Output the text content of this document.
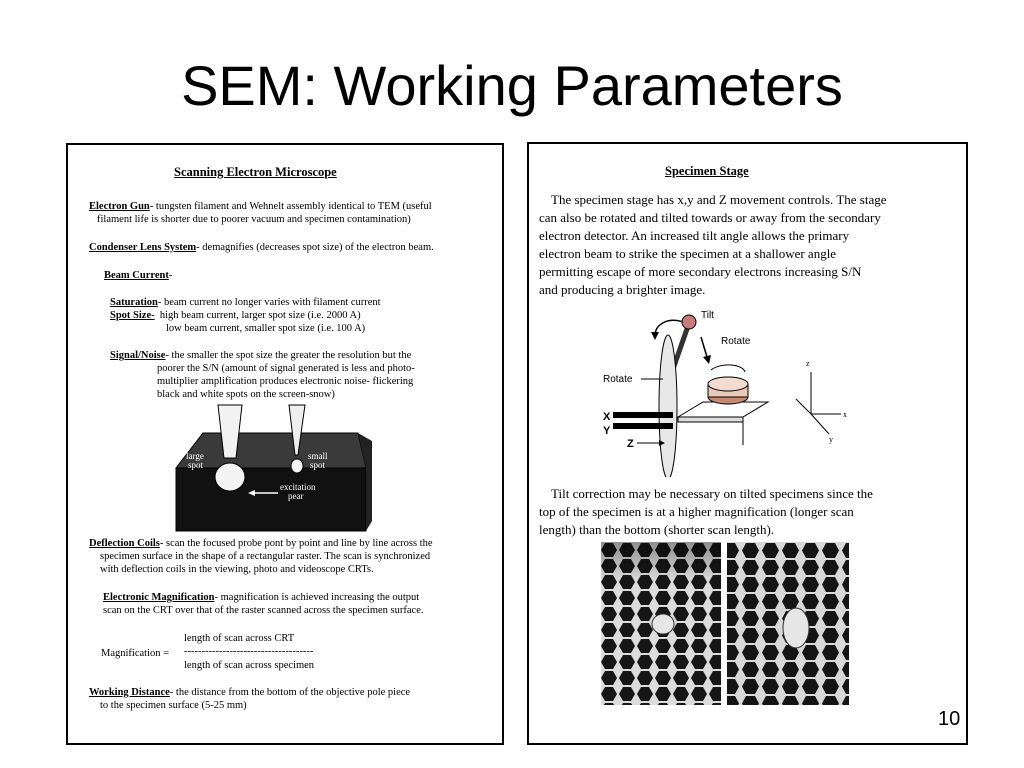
SEM: Working Parameters
Scanning Electron Microscope
Electron Gun- tungsten filament and Wehnelt assembly identical to TEM (useful
filament life is shorter due to poorer vacuum and specimen contamination)
Condenser Lens System- demagnifies (decreases spot size) of the electron beam.
Beam Current-
Saturation- beam current no longer varies with filament current
Spot Size- high beam current, larger spot size (i.e. 2000 A)
low beam current, smaller spot size (i.e. 100 A)
Signal/Noise- the smaller the spot size the greater the resolution but the
poorer the S/N (amount of signal generated is less and photo-
multiplier amplification produces electronic noise- flickering
black and white spots on the screen-snow)
large
spot
small
spot
excitation
pear
Deflection Coils- scan the focused probe pont by point and line by line across the
specimen surface in the shape of a rectangular raster. The scan is synchronized
with deflection coils in the viewing, photo and videoscope CRTs.
Electronic Magnification- magnification is achieved increasing the output
scan on the CRT over that of the raster scanned across the specimen surface.
length of scan across CRT
Magnification = -------------------------------------
length of scan across specimen
Working Distance- the distance from the bottom of the objective pole piece
to the specimen surface (5-25 mm)
Specimen Stage
The specimen stage has x,y and Z movement controls. The stage
can also be rotated and tilted towards or away from the secondary
electron detector. An increased tilt angle allows the primary
electron beam to strike the specimen at a shallower angle
permitting escape of more secondary electrons increasing S/N
and producing a brighter image.
Tilt
Rotate
Rotate
X
Y
Z
z
x
y
Tilt correction may be necessary on tilted specimens since the
top of the specimen is at a higher magnification (longer scan
length) than the bottom (shorter scan length).
10
